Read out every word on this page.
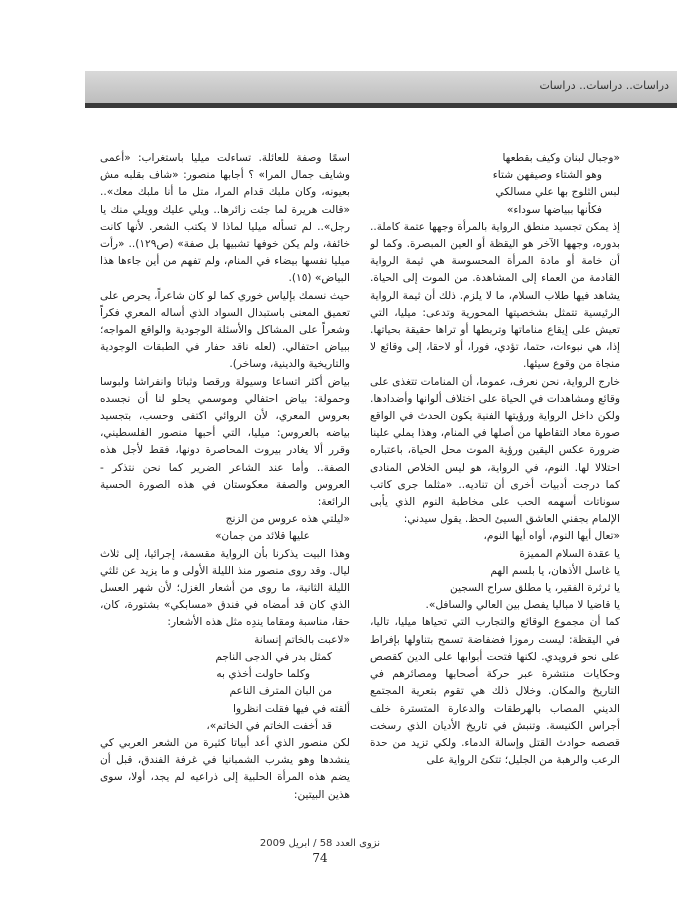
دراسات.. دراسات.. دراسات

اسمًا وصفة للعائلة. تساءلت ميليا باستغراب: «أعمى وشايف جمال المرا» ؟ أجابها منصور: «شاف بقلبه مش بعيونه، وكان ملبك قدام المرا، متل ما أنا ملبك معك».. «قالت هريرة لما جئت زائرها.. ويلي عليك وويلي منك يا رجل».. لم تسأله ميليا لماذا لا يكتب الشعر. لأنها كانت خائفة، ولم يكن خوفها تشبيها بل صفة» (ص١٢٩).. «رأت ميليا نفسها بيضاء في المنام، ولم تفهم من أين جاءها هذا البياض» (١٥).

حيث نسمك بإلياس خوري كما لو كان شاعراً، يحرص على تعميق المعنى باستبدال السواد الذي أساله المعري فكراً وشعراً على المشاكل والأسئلة الوجودية والواقع المواجه؛ ببياض احتفالي. (لعله ناقد حفار في الطبقات الوجودية والتاريخية والدينية، وساخر).

بياض أكثر اتساعا وسيولة ورقصا وثباتا وانفراشا ولبوسا وحمولة: بياض احتفالي وموسمي يحلو لنا أن نجسده بعروس المعري، لأن الروائي اكتفى وحسب، بتجسيد بياضه بالعروس: ميليا، التي أحبها منصور الفلسطيني، وقرر ألا يغادر بيروت المحاصرة دونها، فقط لأجل هذه الصفة.. وأما عند الشاعر الضرير كما نحن نتذكر - العروس والصفة معكوستان في هذه الصورة الحسية الرائعة:

«ليلتي هذه عروس من الزنج
عليها قلائد من جمان»

وهذا البيت يذكرنا بأن الرواية مقسمة، إجرائيا، إلى ثلاث ليال. وقد روى منصور منذ الليلة الأولى و ما يزيد عن ثلثي الليلة الثانية، ما روى من أشعار الغزل؛ لأن شهر العسل الذي كان قد أمضاه في فندق «مسابكي» بشتورة، كان، حقا، مناسبة ومقاما يندِه مثل هذه الأشعار:

«لاعبت بالخاتم إنسانة
كمثل بدر في الدجى الناجم
وكلما حاولت أخذي به
من البان المترف الناعم
ألقته في فيها فقلت انظروا
قد أخفت الخاتم في الخاتم»،

لكن منصور الذي أعد أبياتا كثيرة من الشعر العربي كي ينشدها وهو يشرب الشمبانيا في غرفة الفندق، قبل أن يضم هذه المرأة الحلبية إلى ذراعيه لم يجد، أولا، سوى هذين البيتين:

«وجبال لبنان وكيف بقطعها
وهو الشتاء وصيفهن شتاء
لبس الثلوج بها علي مسالكي
فكأنها ببياضها سوداء»

إذ يمكن تجسيد منطق الرواية بالمرأة وجهها عتمة كاملة.. بدوره، وجهها الآخر هو اليقظة أو العين المبصرة. وكما لو أن خامة أو مادة المرأة المحسوسة هي ثيمة الرواية القادمة من العماء إلى المشاهدة. من الموت إلى الحياة. يشاهد فيها طلاب السلام، ما لا يلزم. ذلك أن ثيمة الرواية الرئيسية تتمثل بشخصيتها المحورية وتدعى: ميليا، التي تعيش على إيقاع مناماتها وتربطها أو تراها حقيقة بحياتها. إذا، هي نبوءات، حتما، تؤدي، فورا، أو لاحقا، إلى وقائع لا منجاة من وقوع سيئها.

خارج الرواية، نحن نعرف، عموما، أن المنامات تتغذى على وقائع ومشاهدات في الحياة على اختلاف ألوانها وأضدادها. ولكن داخل الرواية ورؤيتها الفنية يكون الحدث في الواقع صورة معاد التقاطها من أصلها في المنام، وهذا يملي علينا ضرورة عكس اليقين ورؤية الموت محل الحياة، باعتباره احتلالا لها. النوم، في الرواية، هو ليس الخلاص المنادى كما درجت أدبيات أخرى أن تناديه.. «مثلما جرى كاتب سوناتات أسهمه الحب على مخاطبة النوم الذي يأبى الإلمام بجفني العاشق السيئ الحظ. يقول سيدني:

«تعال أيها النوم، أواه أيها النوم،
يا عقدة السلام المميزة
يا غاسل الأذهان، يا بلسم الهم
يا ثرثرة الفقير، يا مطلق سراح السجين
يا قاضيا لا مباليا يفصل بين العالي والسافل».

كما أن مجموع الوقائع والتجارب التي تحياها ميليا، تاليا، في اليقظة: ليست رموزا فضفاضة تسمح بتناولها بإفراط على نحو فرويدي. لكنها فتحت أبوابها على الدين كقصص وحكايات منتشرة عبر حركة أصحابها ومصائرهم في التاريخ والمكان. وخلال ذلك هي تقوم بتعرية المجتمع الديني المصاب بالهرطقات والدعارة المتسترة خلف أجراس الكنيسة. وتنبش في تاريخ الأديان الذي رسخت قصصه حوادث القتل وإسالة الدماء. ولكي تزيد من حدة الرعب والرهبة من الجليل؛ تتكئ الرواية على

نزوى العدد 58 / ابريل 2009
74
